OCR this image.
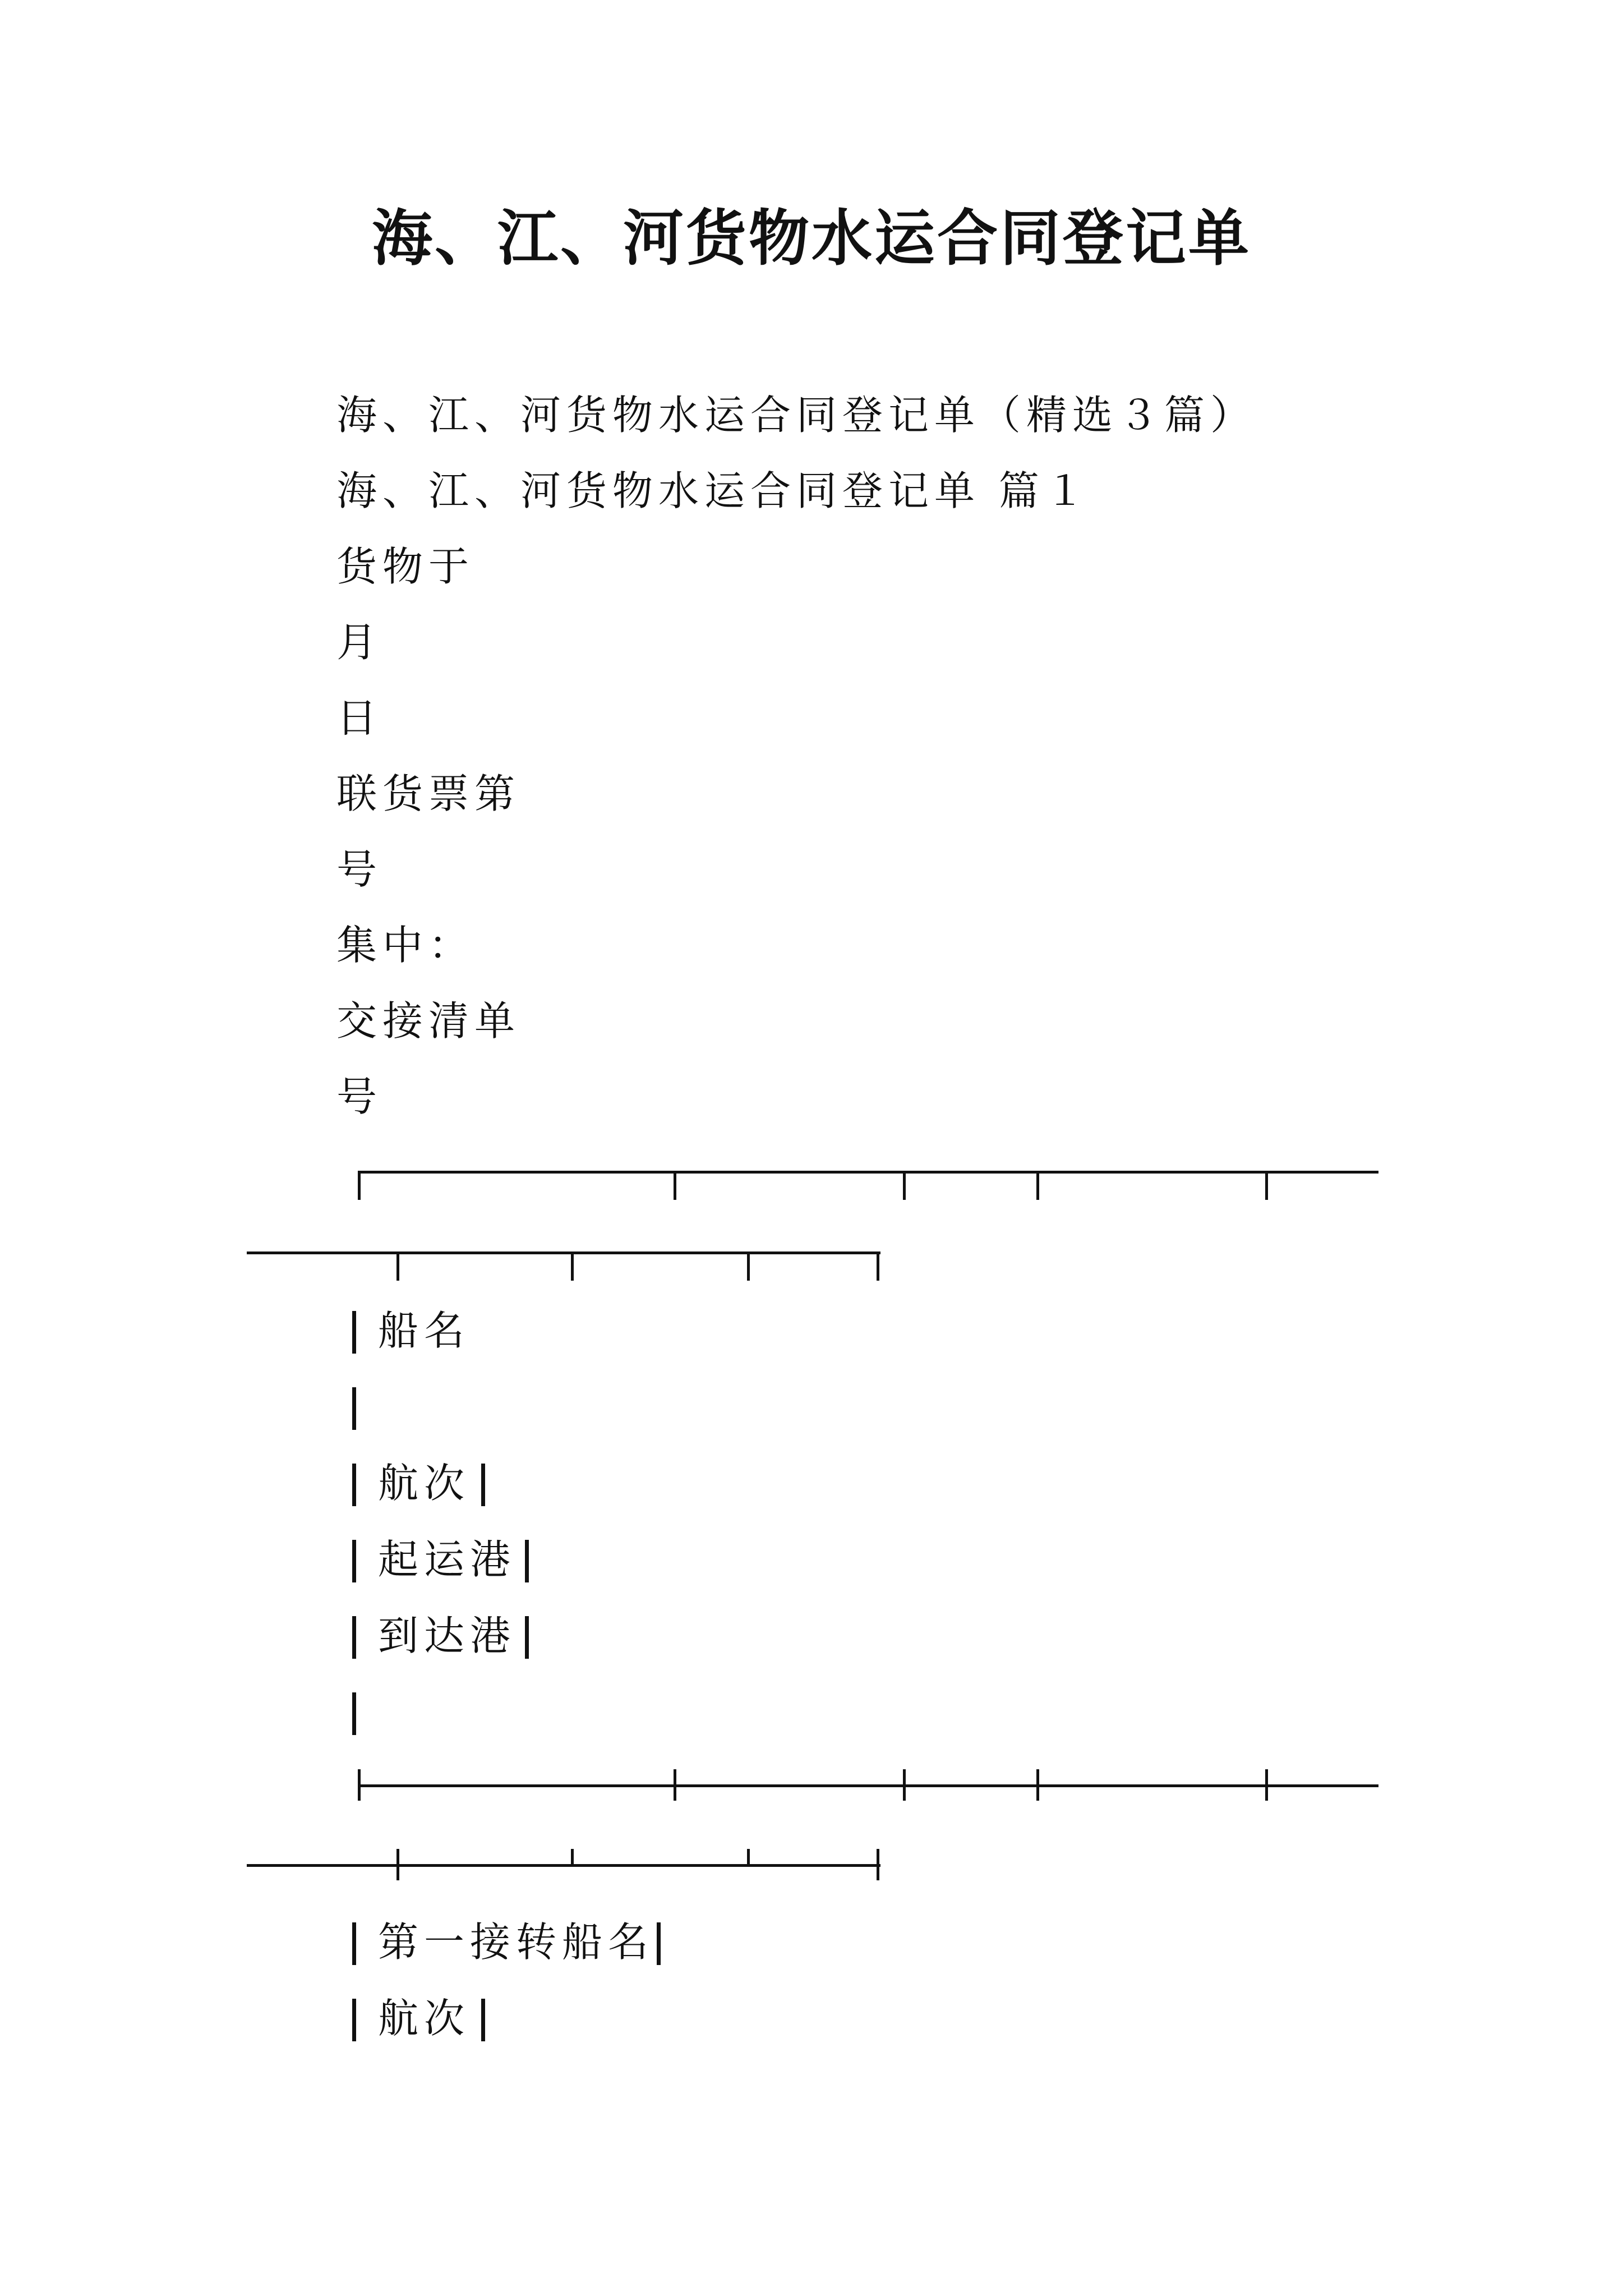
海、江、河货物水运合同登记单
海、江、河货物水运合同登记单（精选３篇）
海、江、河货物水运合同登记单 篇１
货物于
月
日
联货票第
号
集中：
交接清单
号
船名
航次
起运港
到达港
第一接转船名
航次
